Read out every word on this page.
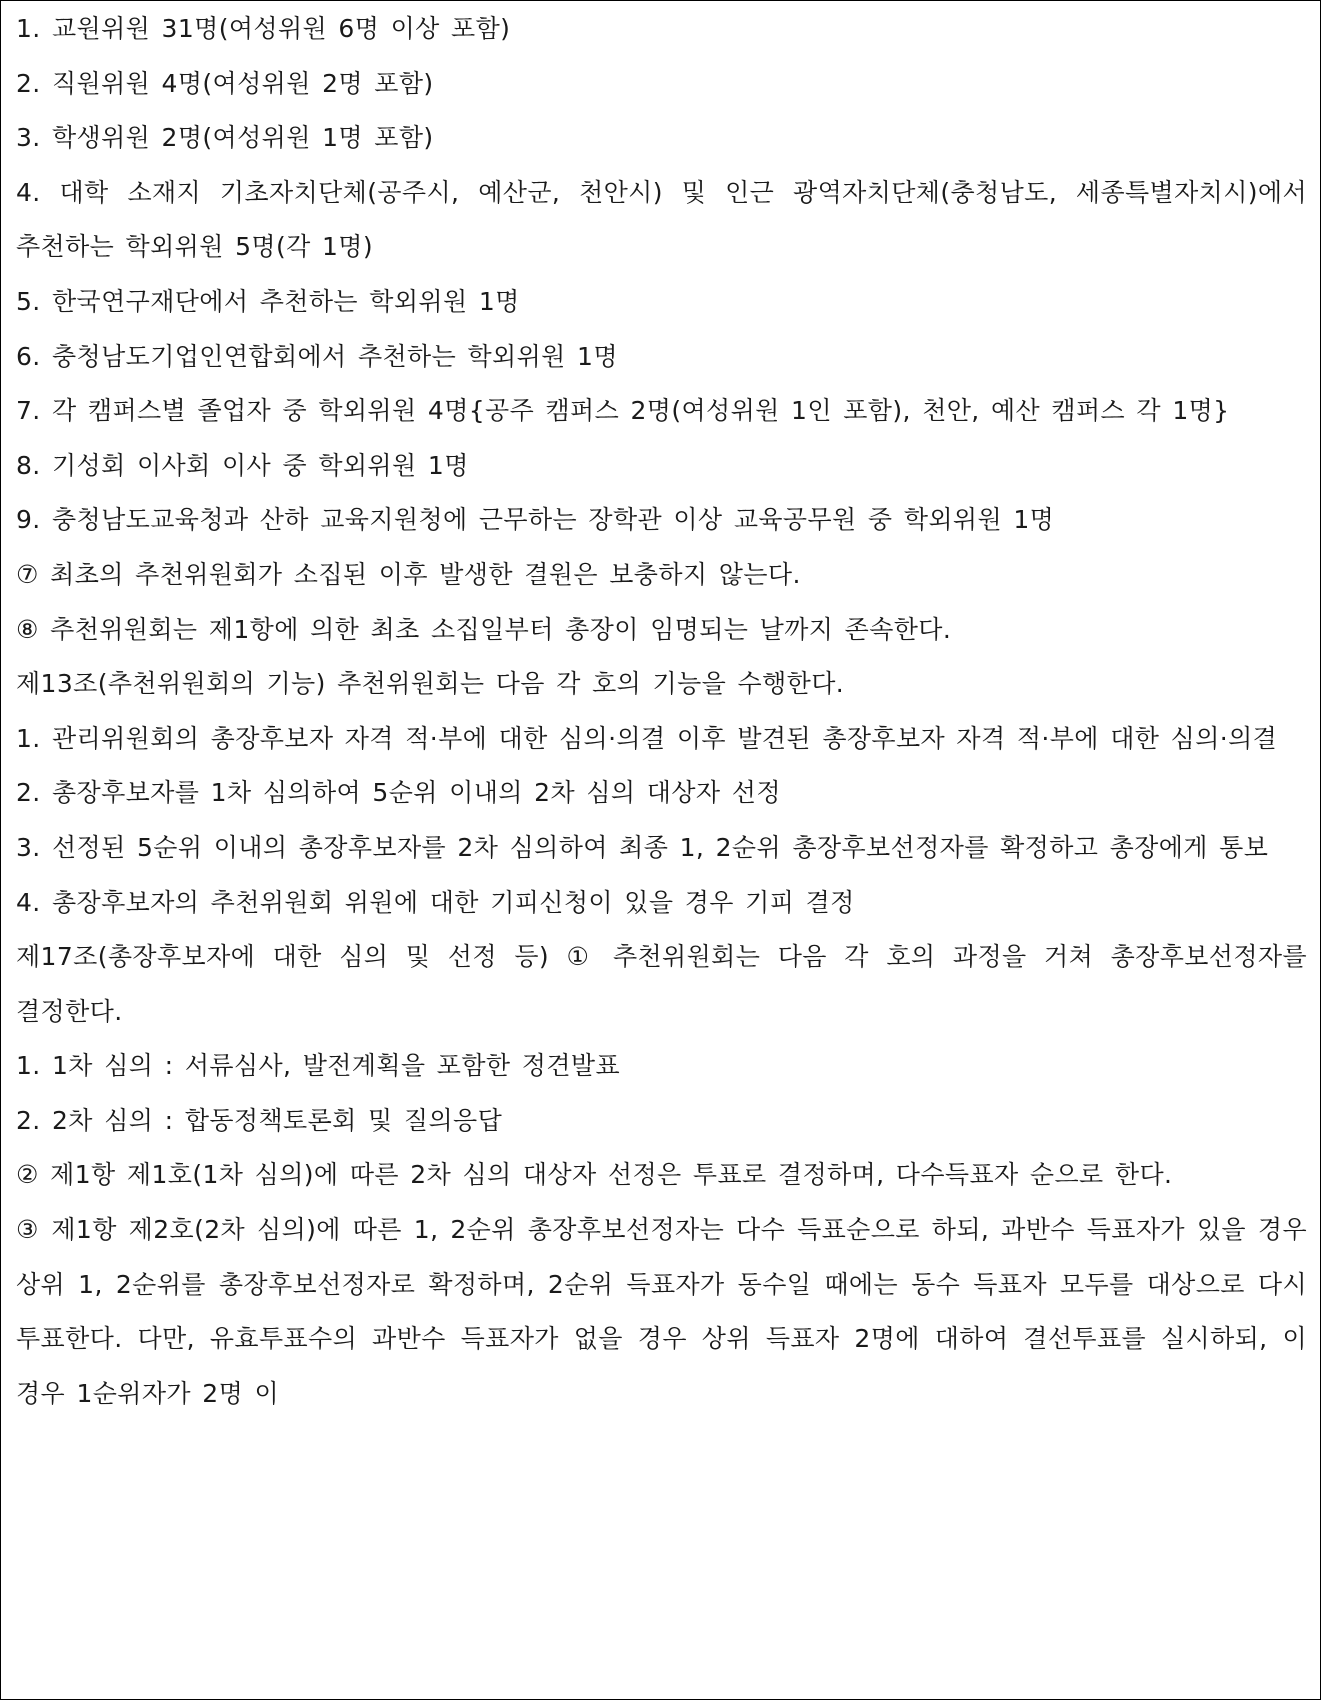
1. 교원위원 31명(여성위원 6명 이상 포함)

2. 직원위원 4명(여성위원 2명 포함)

3. 학생위원 2명(여성위원 1명 포함)

4. 대학 소재지 기초자치단체(공주시, 예산군, 천안시) 및 인근 광역자치단체(충청남도, 세종특별자치시)에서 추천하는 학외위원 5명(각 1명)

5. 한국연구재단에서 추천하는 학외위원 1명

6. 충청남도기업인연합회에서 추천하는 학외위원 1명

7. 각 캠퍼스별 졸업자 중 학외위원 4명{공주 캠퍼스 2명(여성위원 1인 포함), 천안, 예산 캠퍼스 각 1명}

8. 기성회 이사회 이사 중 학외위원 1명

9. 충청남도교육청과 산하 교육지원청에 근무하는 장학관 이상 교육공무원 중 학외위원 1명

⑦ 최초의 추천위원회가 소집된 이후 발생한 결원은 보충하지 않는다.

⑧ 추천위원회는 제1항에 의한 최초 소집일부터 총장이 임명되는 날까지 존속한다.

제13조(추천위원회의 기능) 추천위원회는 다음 각 호의 기능을 수행한다.

1. 관리위원회의 총장후보자 자격 적·부에 대한 심의·의결 이후 발견된 총장후보자 자격 적·부에 대한 심의·의결

2. 총장후보자를 1차 심의하여 5순위 이내의 2차 심의 대상자 선정

3. 선정된 5순위 이내의 총장후보자를 2차 심의하여 최종 1, 2순위 총장후보선정자를 확정하고 총장에게 통보

4. 총장후보자의 추천위원회 위원에 대한 기피신청이 있을 경우 기피 결정

제17조(총장후보자에 대한 심의 및 선정 등) ① 추천위원회는 다음 각 호의 과정을 거쳐 총장후보선정자를 결정한다.

1. 1차 심의 : 서류심사, 발전계획을 포함한 정견발표

2. 2차 심의 : 합동정책토론회 및 질의응답

② 제1항 제1호(1차 심의)에 따른 2차 심의 대상자 선정은 투표로 결정하며, 다수득표자 순으로 한다.

③ 제1항 제2호(2차 심의)에 따른 1, 2순위 총장후보선정자는 다수 득표순으로 하되, 과반수 득표자가 있을 경우 상위 1, 2순위를 총장후보선정자로 확정하며, 2순위 득표자가 동수일 때에는 동수 득표자 모두를 대상으로 다시 투표한다. 다만, 유효투표수의 과반수 득표자가 없을 경우 상위 득표자 2명에 대하여 결선투표를 실시하되, 이 경우 1순위자가 2명 이
